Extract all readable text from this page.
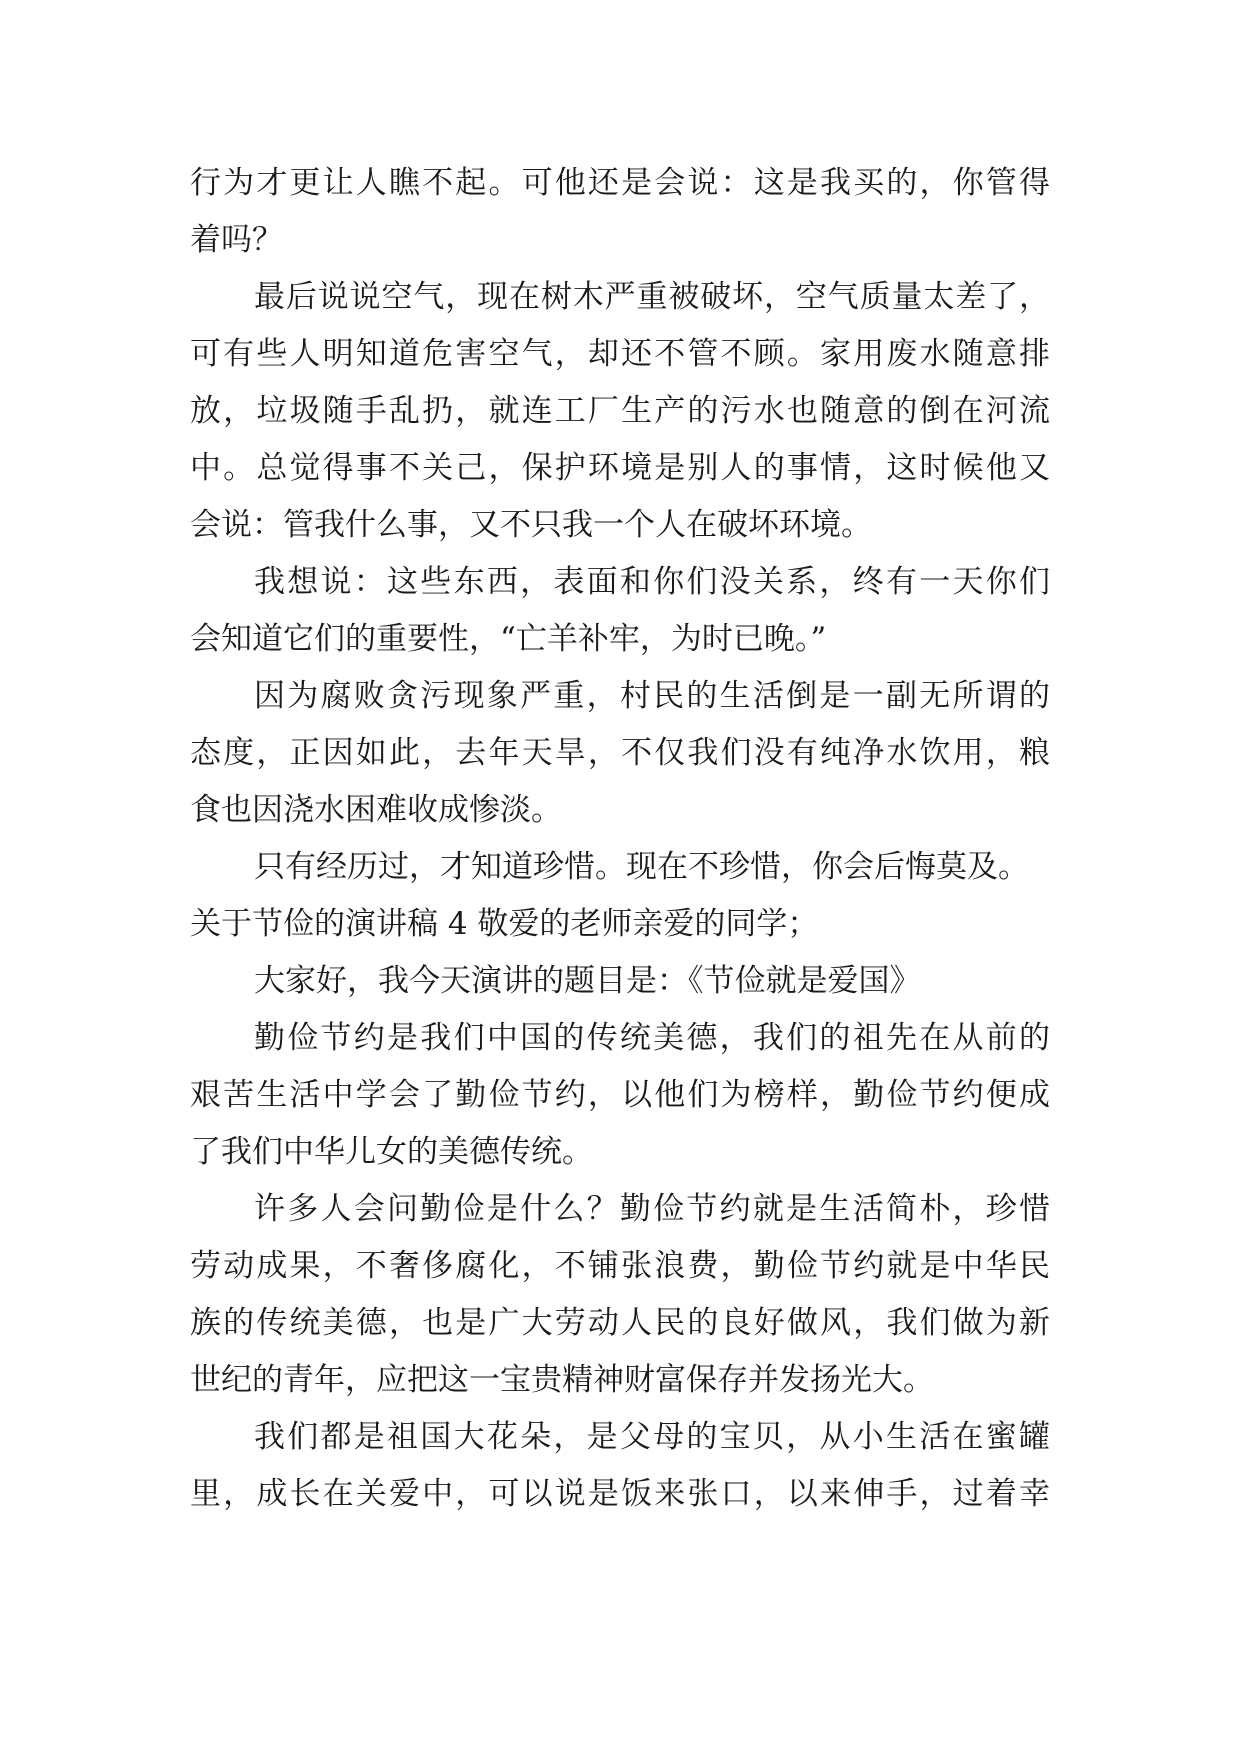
行为才更让人瞧不起。可他还是会说：这是我买的，你管得
着吗？
最后说说空气，现在树木严重被破坏，空气质量太差了，
可有些人明知道危害空气，却还不管不顾。家用废水随意排
放，垃圾随手乱扔，就连工厂生产的污水也随意的倒在河流
中。总觉得事不关己，保护环境是别人的事情，这时候他又
会说：管我什么事，又不只我一个人在破坏环境。
我想说：这些东西，表面和你们没关系，终有一天你们
会知道它们的重要性，“亡羊补牢，为时已晚。”
因为腐败贪污现象严重，村民的生活倒是一副无所谓的
态度，正因如此，去年天旱，不仅我们没有纯净水饮用，粮
食也因浇水困难收成惨淡。
只有经历过，才知道珍惜。现在不珍惜，你会后悔莫及。
关于节俭的演讲稿 4 敬爱的老师亲爱的同学；
大家好，我今天演讲的题目是：《节俭就是爱国》
勤俭节约是我们中国的传统美德，我们的祖先在从前的
艰苦生活中学会了勤俭节约，以他们为榜样，勤俭节约便成
了我们中华儿女的美德传统。
许多人会问勤俭是什么？勤俭节约就是生活简朴，珍惜
劳动成果，不奢侈腐化，不铺张浪费，勤俭节约就是中华民
族的传统美德，也是广大劳动人民的良好做风，我们做为新
世纪的青年，应把这一宝贵精神财富保存并发扬光大。
我们都是祖国大花朵，是父母的宝贝，从小生活在蜜罐
里，成长在关爱中，可以说是饭来张口，以来伸手，过着幸
